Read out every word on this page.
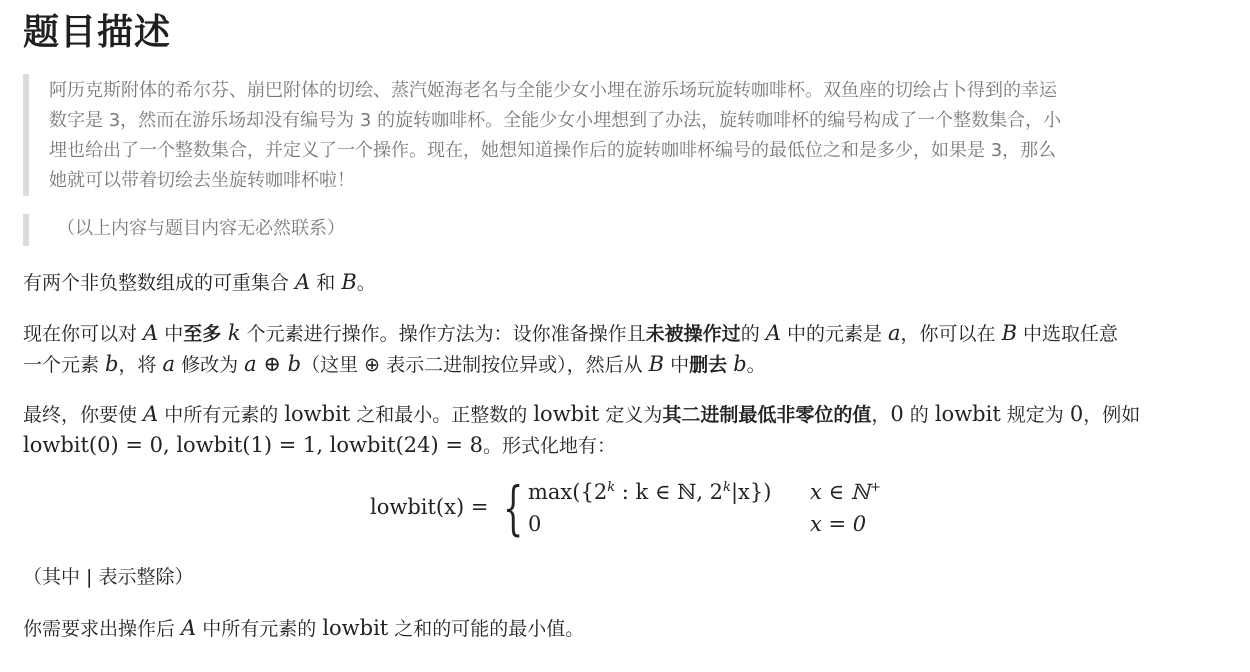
题目描述
阿历克斯附体的希尔芬、崩巴附体的切绘、蒸汽姬海老名与全能少女小埋在游乐场玩旋转咖啡杯。双鱼座的切绘占卜得到的幸运
数字是 3，然而在游乐场却没有编号为 3 的旋转咖啡杯。全能少女小埋想到了办法，旋转咖啡杯的编号构成了一个整数集合，小
埋也给出了一个整数集合，并定义了一个操作。现在，她想知道操作后的旋转咖啡杯编号的最低位之和是多少，如果是 3，那么
她就可以带着切绘去坐旋转咖啡杯啦！
（以上内容与题目内容无必然联系）
有两个非负整数组成的可重集合 A 和 B。
现在你可以对 A 中至多 k 个元素进行操作。操作方法为：设你准备操作且未被操作过的 A 中的元素是 a，你可以在 B 中选取任意
一个元素 b，将 a 修改为 a ⊕ b（这里 ⊕ 表示二进制按位异或），然后从 B 中删去 b。
最终，你要使 A 中所有元素的 lowbit 之和最小。正整数的 lowbit 定义为其二进制最低非零位的值，0 的 lowbit 规定为 0，例如
lowbit(0) = 0, lowbit(1) = 1, lowbit(24) = 8。形式化地有：
lowbit(x) = { max({2$^k$ : k ∈ ℕ, 2$^k$|x})
0
x ∈ ℕ+
x = 0
（其中 | 表示整除）
你需要求出操作后 A 中所有元素的 lowbit 之和的可能的最小值。
